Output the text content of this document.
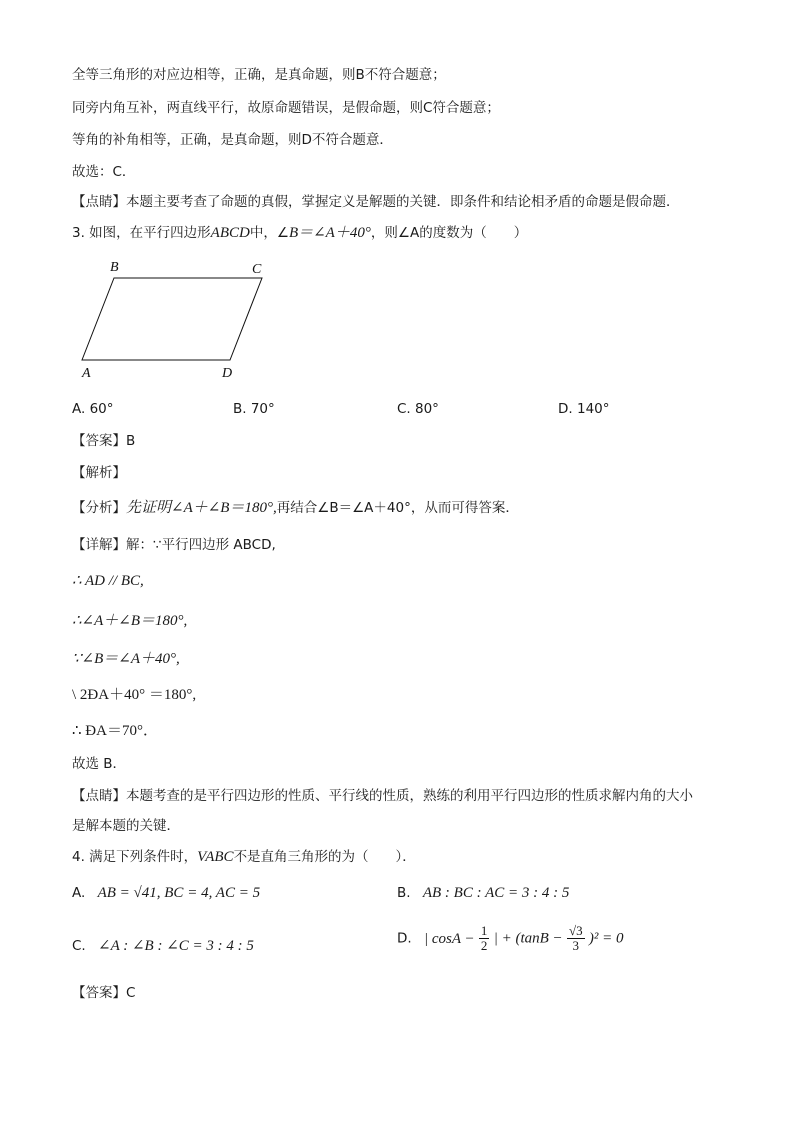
全等三角形的对应边相等，正确，是真命题，则B不符合题意；
同旁内角互补，两直线平行，故原命题错误，是假命题，则C符合题意；
等角的补角相等，正确，是真命题，则D不符合题意．
故选：C．
【点睛】本题主要考查了命题的真假，掌握定义是解题的关键．即条件和结论相矛盾的命题是假命题．
3. 如图，在平行四边形ABCD中，∠B＝∠A＋40°，则∠A的度数为（　　）
B	C
A	D
A. 60°	B. 70°	C. 80°	D. 140°
【答案】B
【解析】
【分析】先证明∠A＋∠B＝180°,再结合∠B＝∠A＋40°，从而可得答案．
【详解】解：∵平行四边形 ABCD,
∴ AD // BC,
∴∠A＋∠B＝180°,
∵∠B＝∠A＋40°,
\ 2ÐA＋40° ＝180°,
∴ ÐA＝70°．
故选 B．
【点睛】本题考查的是平行四边形的性质、平行线的性质，熟练的利用平行四边形的性质求解内角的大小
是解本题的关键．
4. 满足下列条件时，VABC不是直角三角形的为（　　）．
A. AB = √41, BC = 4, AC = 5	B. AB : BC : AC = 3 : 4 : 5
C. ∠A : ∠B : ∠C = 3 : 4 : 5	D. | $\cos A - \frac{1}{2}$ | + $(\tan B - \frac{√3}{3} )^2 = 0$
【答案】C
